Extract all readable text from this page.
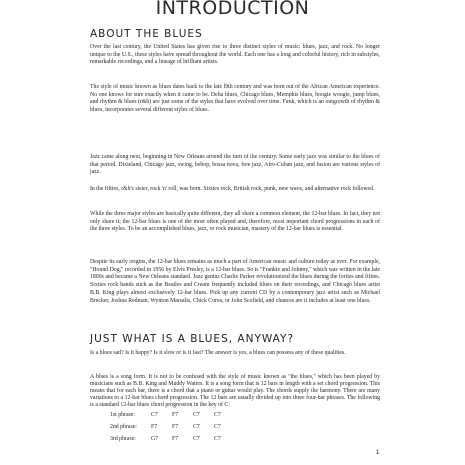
INTRODUCTION
ABOUT THE BLUES

Over the last century, the United States has given rise to three distinct styles of music: blues, jazz, and rock. No longer unique to the U.S., these styles have spread throughout the world. Each one has a long and colorful history, rich in substyles, remarkable recordings, and a lineage of brilliant artists.

The style of music known as blues dates back to the late l9th century and was born out of the African American experience. No one knows for sure exactly when it came to be. Delta blues, Chicago blues, Memphis blues, boogie woogie, jump blues, and rhythm & blues (r&b) are just some of the styles that have evolved over time. Funk, which is an outgrowth of rhythm & blues, incorporates several different styles of blues.

Jazz came along next, beginning in New Orleans around the turn of the century. Some early jazz was similar to the blues of that period. Dixieland, Chicago jazz, swing, bebop, bossa nova, free jazz, Afro-Cuban jazz, and fusion are various styles of jazz.

In the fifties, r&b's sister, rock 'n' roll, was born. Sixties rock, British rock, punk, new wave, and alternative rock followed.

While the three major styles are basically quite different, they all share a common element, the 12-bar blues. In fact, they not only share it; the 12-bar blues is one of the most often played and, therefore, most important chord progressions in each of the three styles. To be an accomplished blues, jazz, or rock musician, mastery of the 12-bar blues is essential.

Despite its early origins, the 12-bar blues remains as much a part of American music and culture today as ever. For example, "Hound Dog," recorded in 1956 by Elvis Presley, is a 12-bar blues. So is "Frankie and Johnny," which was written in the late 1800s and became a New Orleans standard. Jazz genius Charlie Parker revolutionized the blues during the forties and fifties. Sixties rock bands such as the Beatles and Cream frequently included blues on their recordings, and Chicago blues artist B.B. King plays almost exclusively 12-bar blues. Pick up any current CD by a contemporary jazz artist such as Michael Brecker, Joshua Redman, Wynton Marsalis, Chick Corea, or John Scofield, and chances are it includes at least one blues.

JUST WHAT IS A BLUES, ANYWAY?

Is a blues sad? Is it happy? Is it slow or is it fast? The answer is yes, a blues can possess any of these qualities.

A blues is a song form. It is not to be confused with the style of music known as "the blues," which has been played by musicians such as B.B. King and Muddy Waters. It is a song form that is 12 bars in length with a set chord progression. This means that for each bar, there is a chord that a piano or guitar would play. The chords supply the harmony. There are many variations to a 12-bar blues chord progression. The 12 bars are usually divided up into three four-bar phrases. The following is a standard 12-bar blues chord progression in the key of C:

1st phrase:	C7	F7	C7	C7
2nd phrase:	F7	F7	C7	C7
3rd phrase:	G7	F7	C7	C7
1
